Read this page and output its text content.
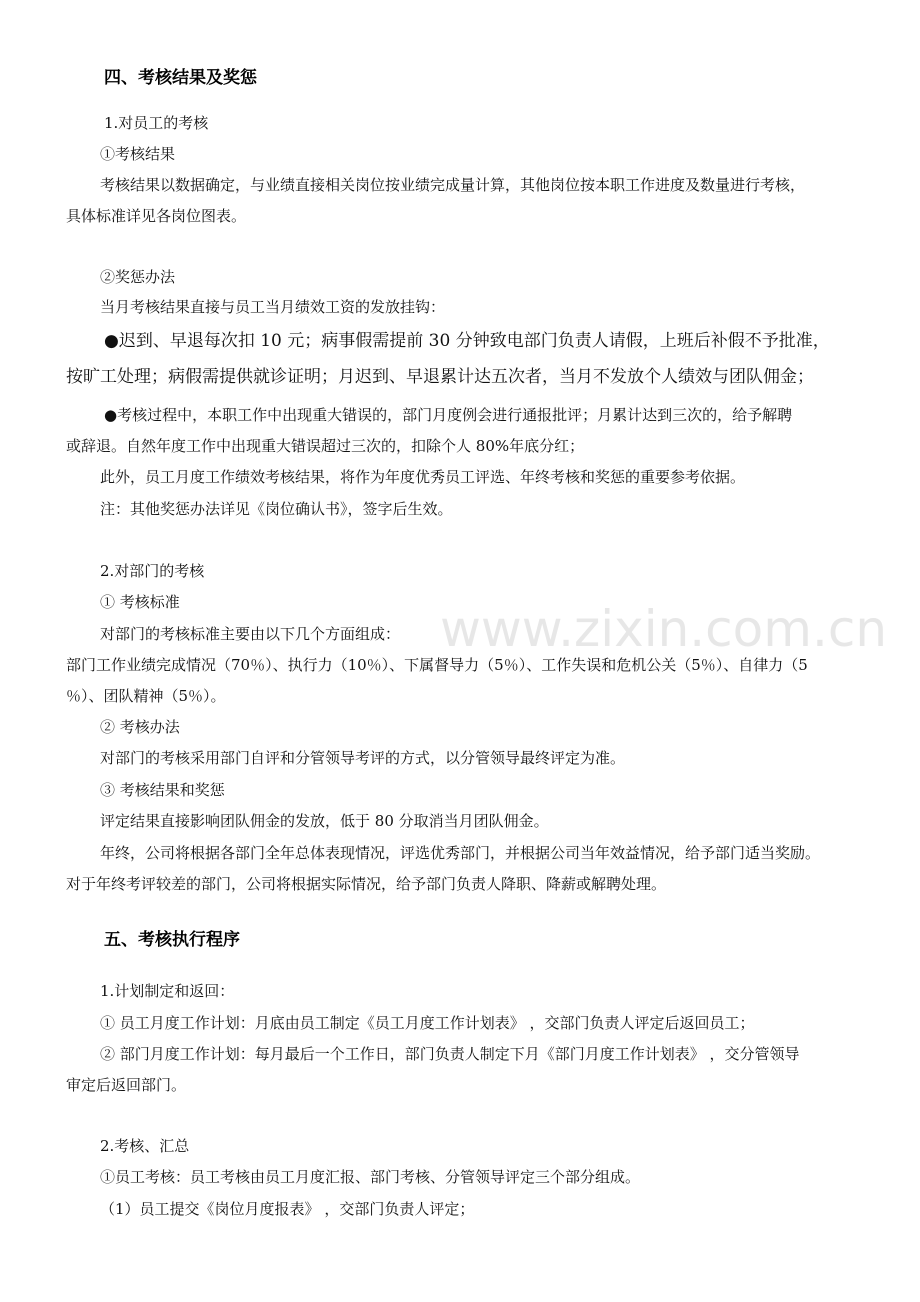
www.zixin.com.cn

四、考核结果及奖惩

1.对员工的考核

①考核结果

考核结果以数据确定，与业绩直接相关岗位按业绩完成量计算，其他岗位按本职工作进度及数量进行考核，

具体标准详见各岗位图表。

②奖惩办法

当月考核结果直接与员工当月绩效工资的发放挂钩：

●迟到、早退每次扣 10 元；病事假需提前 30 分钟致电部门负责人请假，上班后补假不予批准，

按旷工处理；病假需提供就诊证明；月迟到、早退累计达五次者，当月不发放个人绩效与团队佣金；

●考核过程中，本职工作中出现重大错误的，部门月度例会进行通报批评；月累计达到三次的，给予解聘

或辞退。自然年度工作中出现重大错误超过三次的，扣除个人 80%年底分红；

此外，员工月度工作绩效考核结果，将作为年度优秀员工评选、年终考核和奖惩的重要参考依据。

注：其他奖惩办法详见《岗位确认书》，签字后生效。

2.对部门的考核

① 考核标准

对部门的考核标准主要由以下几个方面组成：

部门工作业绩完成情况（70％）、执行力（10％）、下属督导力（5％）、工作失误和危机公关（5％）、自律力（5

％）、团队精神（5％）。

② 考核办法

对部门的考核采用部门自评和分管领导考评的方式，以分管领导最终评定为准。

③ 考核结果和奖惩

评定结果直接影响团队佣金的发放，低于 80 分取消当月团队佣金。

年终，公司将根据各部门全年总体表现情况，评选优秀部门，并根据公司当年效益情况，给予部门适当奖励。

对于年终考评较差的部门，公司将根据实际情况，给予部门负责人降职、降薪或解聘处理。

五、考核执行程序

1.计划制定和返回：

① 员工月度工作计划：月底由员工制定《员工月度工作计划表》 ，交部门负责人评定后返回员工；

② 部门月度工作计划：每月最后一个工作日，部门负责人制定下月《部门月度工作计划表》 ，交分管领导

审定后返回部门。

2.考核、汇总

①员工考核：员工考核由员工月度汇报、部门考核、分管领导评定三个部分组成。

（1）员工提交《岗位月度报表》 ，交部门负责人评定；
